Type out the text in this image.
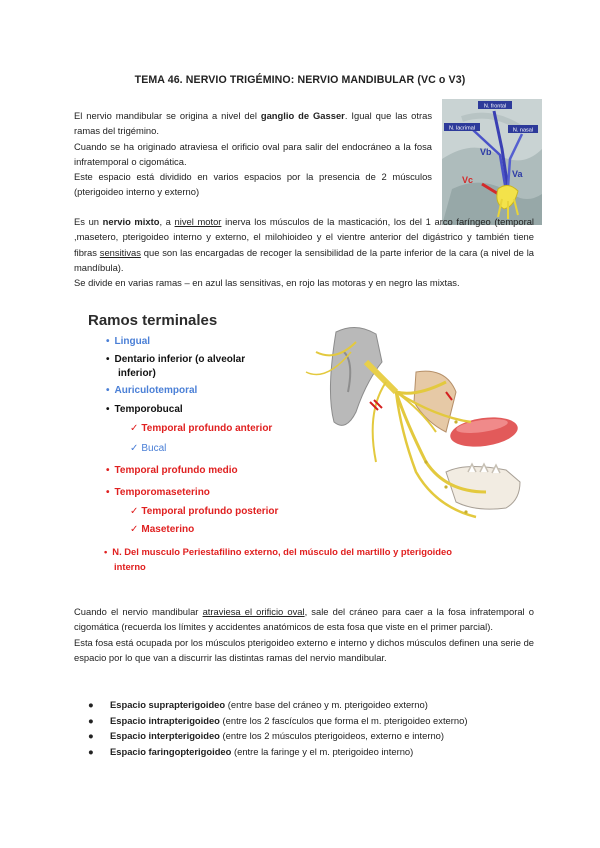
TEMA 46. NERVIO TRIGÉMINO: NERVIO MANDIBULAR (VC o V3)

El nervio mandibular se origina a nivel del ganglio de Gasser. Igual que las otras ramas del trigémino.

Cuando se ha originado atraviesa el orificio oval para salir del endocráneo a la fosa infratemporal o cigomática.

Este espacio está dividido en varios espacios por la presencia de 2 músculos (pterigoideo interno y externo)

N. frontal
N. lacrimal	N. nasal
Vb
Va
Vc

Es un nervio mixto, a nivel motor inerva los músculos de la masticación, los del 1 arco faríngeo (temporal ,masetero, pterigoideo interno y externo, el milohioideo y el vientre anterior del digástrico y también tiene fibras sensitivas que son las encargadas de recoger la sensibilidad de la parte inferior de la cara (a nivel de la mandíbula).

Se divide en varias ramas – en azul las sensitivas, en rojo las motoras y en negro las mixtas.

Ramos terminales
• Lingual
• Dentario inferior (o alveolar
inferior)
• Auriculotemporal
• Temporobucal
✓ Temporal profundo anterior
✓ Bucal
• Temporal profundo medio
• Temporomaseterino
✓ Temporal profundo posterior
✓ Maseterino
• N. Del musculo Periestafilino externo, del músculo del martillo y pterigoideo
interno

Cuando el nervio mandibular atraviesa el orificio oval, sale del cráneo para caer a la fosa infratemporal o cigomática (recuerda los límites y accidentes anatómicos de esta fosa que viste en el primer parcial).

Esta fosa está ocupada por los músculos pterigoideo externo e interno y dichos músculos definen una serie de espacio por lo que van a discurrir las distintas ramas del nervio mandibular.

● Espacio suprapterigoideo (entre base del cráneo y m. pterigoideo externo)
● Espacio intrapterigoideo (entre los 2 fascículos que forma el m. pterigoideo externo)
● Espacio interpterigoideo (entre los 2 músculos pterigoideos, externo e interno)
● Espacio faringopterigoideo (entre la faringe y el m. pterigoideo interno)
